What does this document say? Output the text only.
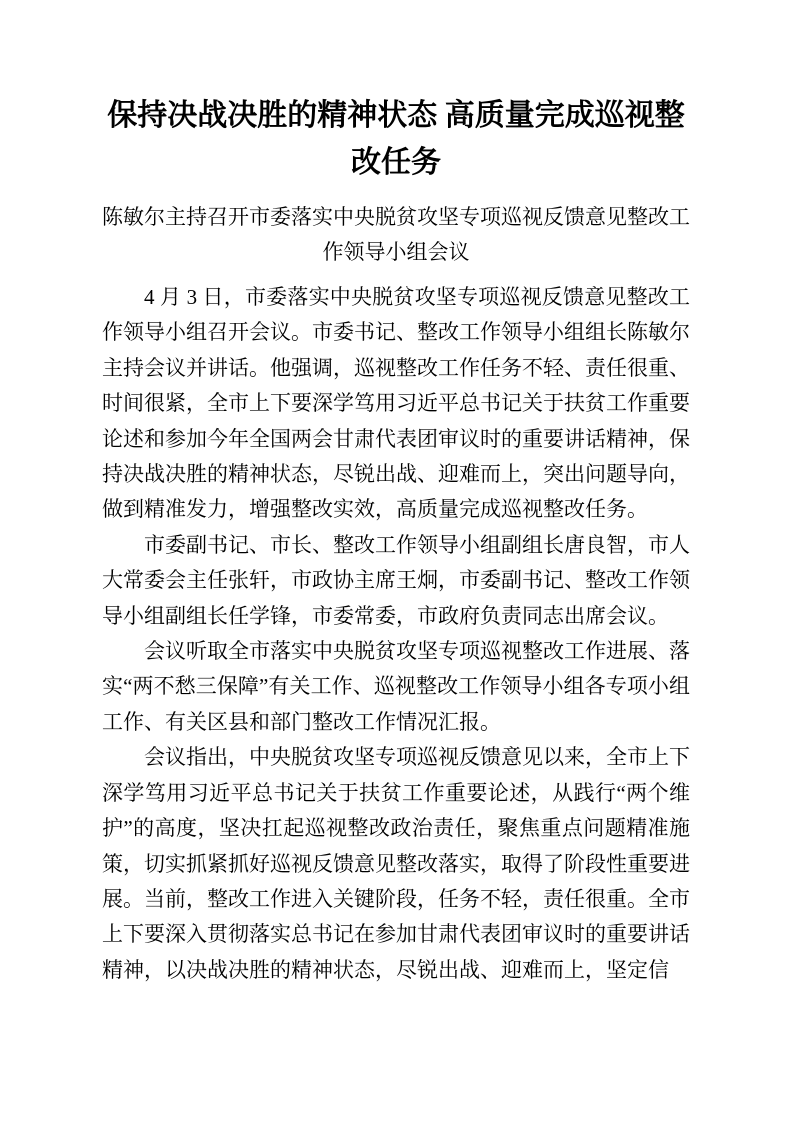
保持决战决胜的精神状态 高质量完成巡视整改任务
陈敏尔主持召开市委落实中央脱贫攻坚专项巡视反馈意见整改工作领导小组会议

4 月 3 日，市委落实中央脱贫攻坚专项巡视反馈意见整改工作领导小组召开会议。市委书记、整改工作领导小组组长陈敏尔主持会议并讲话。他强调，巡视整改工作任务不轻、责任很重、时间很紧，全市上下要深学笃用习近平总书记关于扶贫工作重要论述和参加今年全国两会甘肃代表团审议时的重要讲话精神，保持决战决胜的精神状态，尽锐出战、迎难而上，突出问题导向，做到精准发力，增强整改实效，高质量完成巡视整改任务。

市委副书记、市长、整改工作领导小组副组长唐良智，市人大常委会主任张轩，市政协主席王炯，市委副书记、整改工作领导小组副组长任学锋，市委常委，市政府负责同志出席会议。

会议听取全市落实中央脱贫攻坚专项巡视整改工作进展、落实“两不愁三保障”有关工作、巡视整改工作领导小组各专项小组工作、有关区县和部门整改工作情况汇报。

会议指出，中央脱贫攻坚专项巡视反馈意见以来，全市上下深学笃用习近平总书记关于扶贫工作重要论述，从践行“两个维护”的高度，坚决扛起巡视整改政治责任，聚焦重点问题精准施策，切实抓紧抓好巡视反馈意见整改落实，取得了阶段性重要进展。当前，整改工作进入关键阶段，任务不轻，责任很重。全市上下要深入贯彻落实总书记在参加甘肃代表团审议时的重要讲话精神，以决战决胜的精神状态，尽锐出战、迎难而上，坚定信
